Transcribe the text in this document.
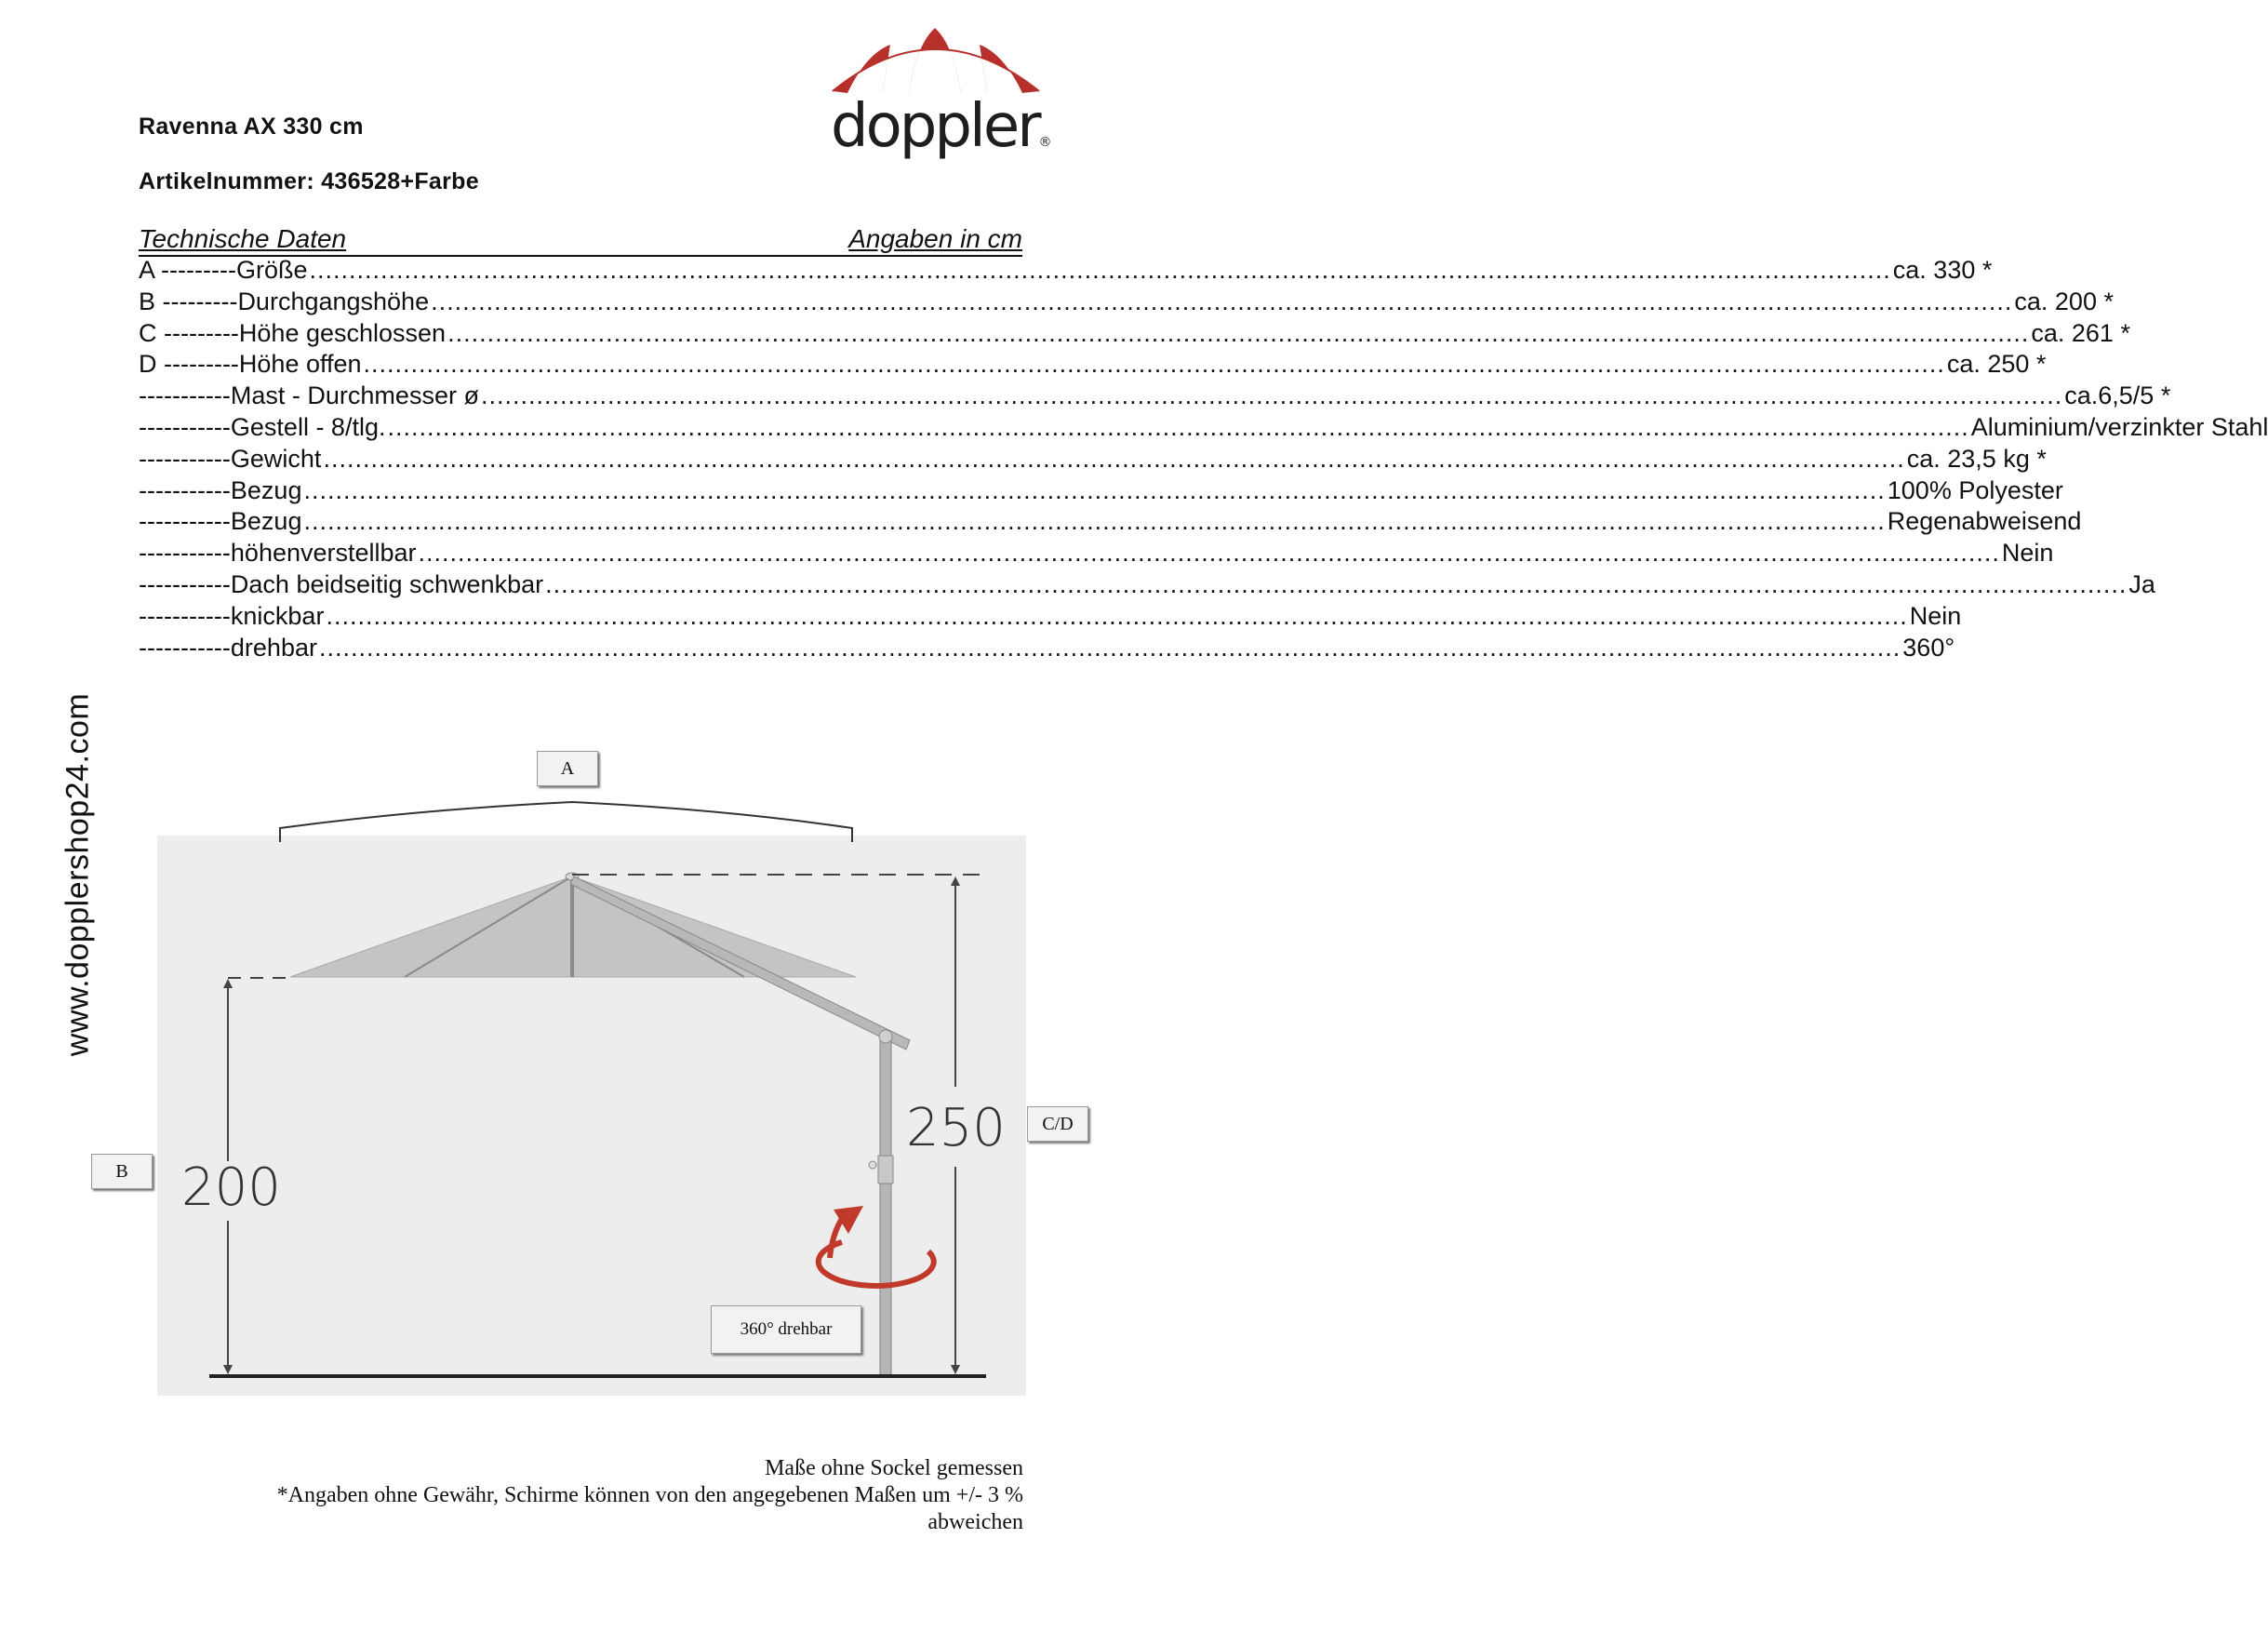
doppler®
Ravenna AX 330 cm
Artikelnummer: 436528+Farbe
www.dopplershop24.com
Technische Daten	Angaben in cm
A --------- Größe ........................................................................................................................................................................................................ ca. 330 *
B --------- Durchgangshöhe ........................................................................................................................................................................................................ ca. 200 *
C --------- Höhe geschlossen ........................................................................................................................................................................................................ ca. 261 *
D --------- Höhe offen ........................................................................................................................................................................................................ ca. 250 *
----------- Mast - Durchmesser ø ........................................................................................................................................................................................................ ca.6,5/5 *
----------- Gestell - 8/tlg. ........................................................................................................................................................................................................ Aluminium/verzinkter Stahl
----------- Gewicht ........................................................................................................................................................................................................ ca. 23,5 kg *
----------- Bezug ........................................................................................................................................................................................................ 100% Polyester
----------- Bezug ........................................................................................................................................................................................................ Regenabweisend
----------- höhenverstellbar ........................................................................................................................................................................................................ Nein
----------- Dach beidseitig schwenkbar ........................................................................................................................................................................................................ Ja
----------- knickbar ........................................................................................................................................................................................................ Nein
----------- drehbar ........................................................................................................................................................................................................ 360°
A
B
C/D
200
250
360° drehbar
Maße ohne Sockel gemessen
*Angaben ohne Gewähr, Schirme können von den angegebenen Maßen um +/- 3 %
abweichen
